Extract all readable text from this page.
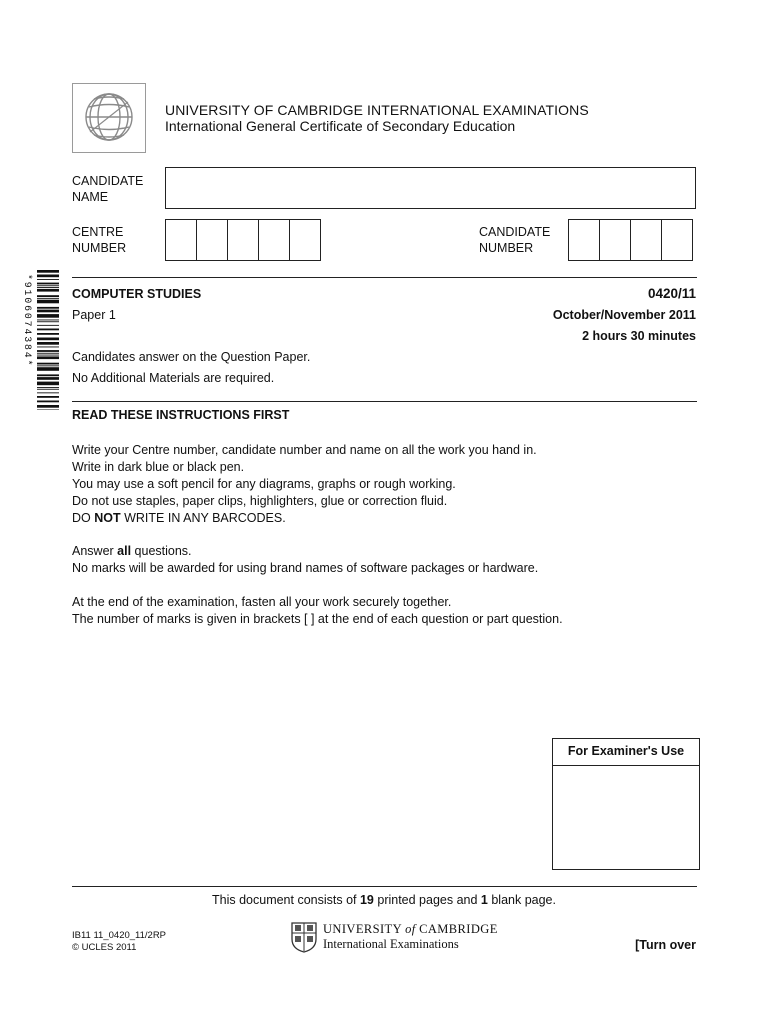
UNIVERSITY OF CAMBRIDGE INTERNATIONAL EXAMINATIONS
International General Certificate of Secondary Education
CANDIDATE
NAME
CENTRE
NUMBER
CANDIDATE
NUMBER
*9106074384*	COMPUTER STUDIES	0420/11
Paper 1	October/November 2011
2 hours 30 minutes
Candidates answer on the Question Paper.
No Additional Materials are required.
READ THESE INSTRUCTIONS FIRST

Write your Centre number, candidate number and name on all the work you hand in.

Write in dark blue or black pen.

You may use a soft pencil for any diagrams, graphs or rough working.

Do not use staples, paper clips, highlighters, glue or correction fluid.

DO NOT WRITE IN ANY BARCODES.

Answer all questions.

No marks will be awarded for using brand names of software packages or hardware.

At the end of the examination, fasten all your work securely together.

The number of marks is given in brackets [ ] at the end of each question or part question.

For Examiner's Use
This document consists of 19 printed pages and 1 blank page.
IB11 11_0420_11/2RP
© UCLES 2011
UNIVERSITY of CAMBRIDGE
International Examinations	[Turn over
